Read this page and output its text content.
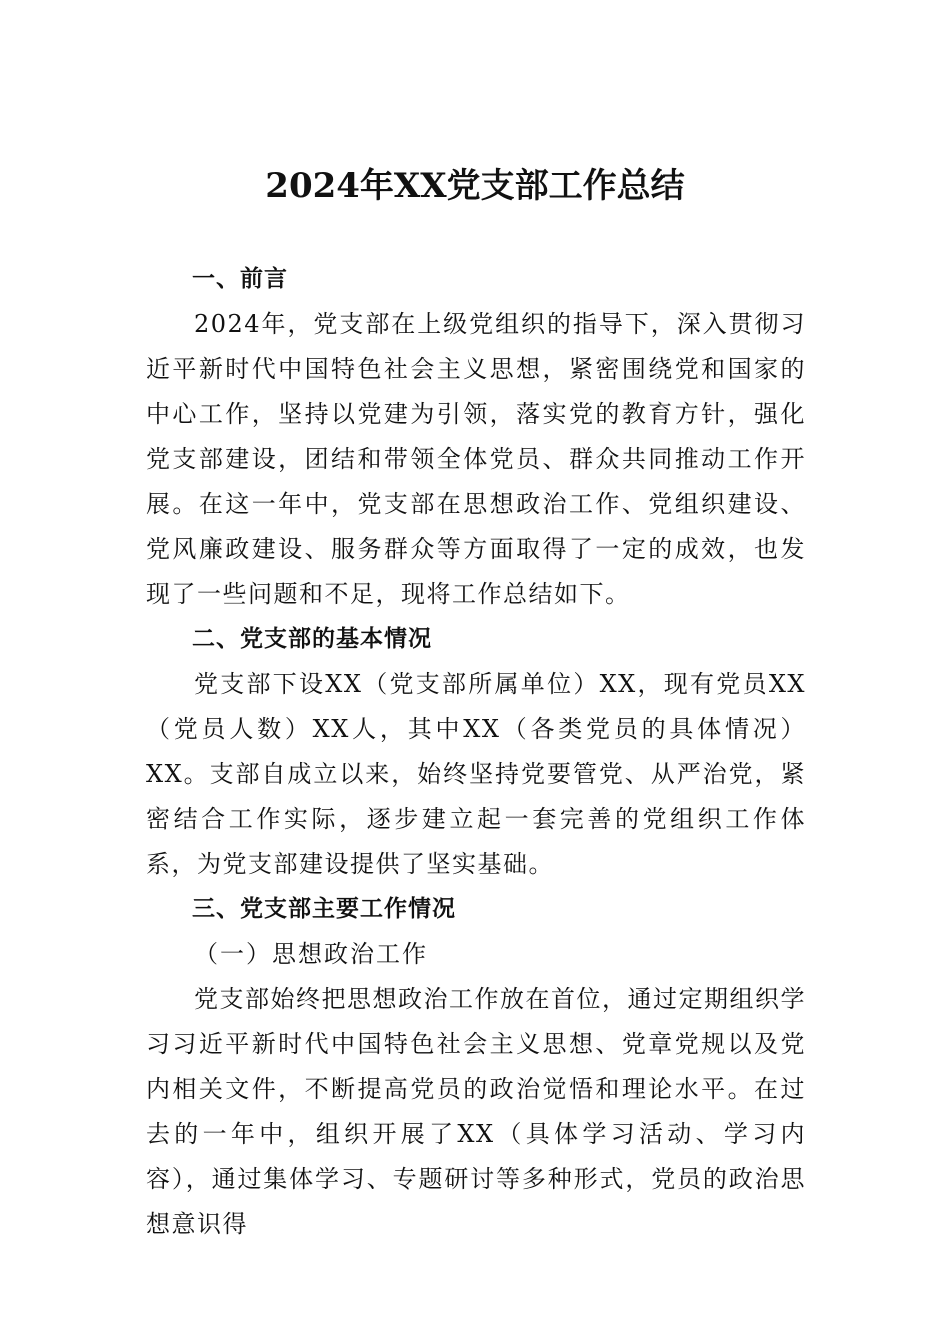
2024年XX党支部工作总结

一、前言

2024年，党支部在上级党组织的指导下，深入贯彻习近平新时代中国特色社会主义思想，紧密围绕党和国家的中心工作，坚持以党建为引领，落实党的教育方针，强化党支部建设，团结和带领全体党员、群众共同推动工作开展。在这一年中，党支部在思想政治工作、党组织建设、党风廉政建设、服务群众等方面取得了一定的成效，也发现了一些问题和不足，现将工作总结如下。

二、党支部的基本情况

党支部下设XX（党支部所属单位）XX，现有党员XX（党员人数）XX人，其中XX（各类党员的具体情况）XX。支部自成立以来，始终坚持党要管党、从严治党，紧密结合工作实际，逐步建立起一套完善的党组织工作体系，为党支部建设提供了坚实基础。

三、党支部主要工作情况

（一）思想政治工作

党支部始终把思想政治工作放在首位，通过定期组织学习习近平新时代中国特色社会主义思想、党章党规以及党内相关文件，不断提高党员的政治觉悟和理论水平。在过去的一年中，组织开展了XX（具体学习活动、学习内容），通过集体学习、专题研讨等多种形式，党员的政治思想意识得
